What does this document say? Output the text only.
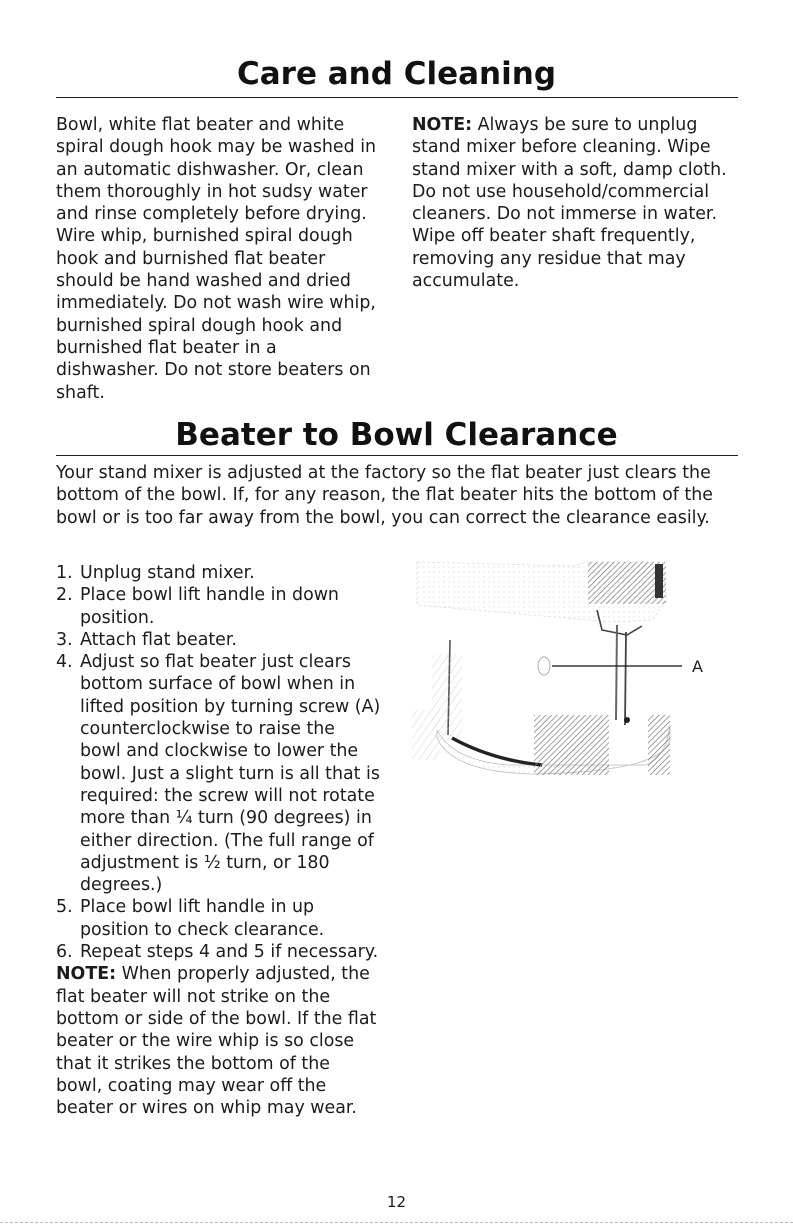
Care and Cleaning
Bowl, white flat beater and white spiral dough hook may be washed in an automatic dishwasher. Or, clean them thoroughly in hot sudsy water and rinse completely before drying. Wire whip, burnished spiral dough hook and burnished flat beater should be hand washed and dried immediately. Do not wash wire whip, burnished spiral dough hook and burnished flat beater in a dishwasher. Do not store beaters on shaft.
NOTE: Always be sure to unplug stand mixer before cleaning. Wipe stand mixer with a soft, damp cloth. Do not use household/commercial cleaners. Do not immerse in water. Wipe off beater shaft frequently, removing any residue that may accumulate.
Beater to Bowl Clearance
Your stand mixer is adjusted at the factory so the flat beater just clears the bottom of the bowl. If, for any reason, the flat beater hits the bottom of the bowl or is too far away from the bowl, you can correct the clearance easily.
1. Unplug stand mixer.
2. Place bowl lift handle in down position.
3. Attach flat beater.
4. Adjust so flat beater just clears bottom surface of bowl when in lifted position by turning screw (A) counterclockwise to raise the bowl and clockwise to lower the bowl. Just a slight turn is all that is required: the screw will not rotate more than ¼ turn (90 degrees) in either direction. (The full range of adjustment is ½ turn, or 180 degrees.)
5. Place bowl lift handle in up position to check clearance.
6. Repeat steps 4 and 5 if necessary.
NOTE: When properly adjusted, the flat beater will not strike on the bottom or side of the bowl. If the flat beater or the wire whip is so close that it strikes the bottom of the bowl, coating may wear off the beater or wires on whip may wear.
A
12
